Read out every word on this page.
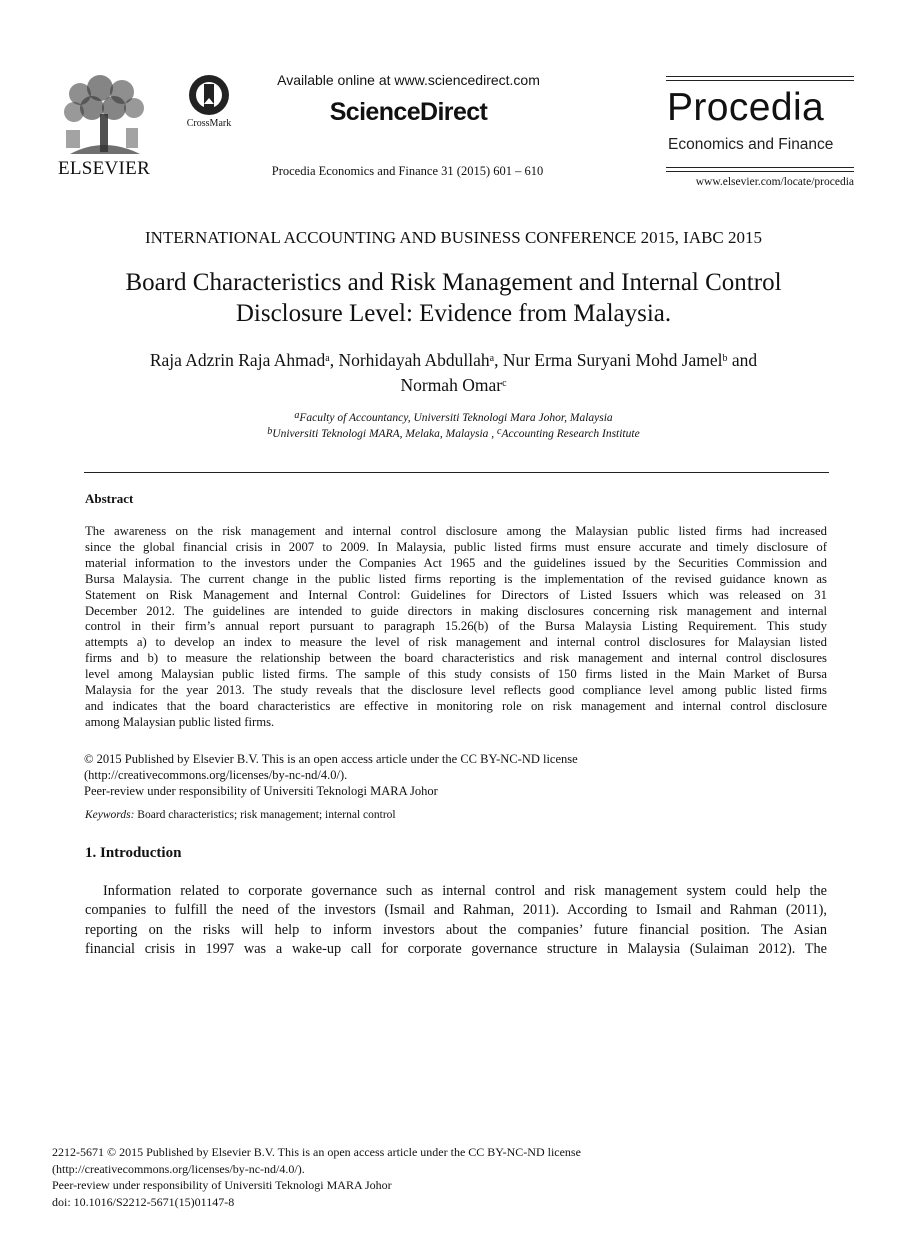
ELSEVIER
CrossMark
Available online at www.sciencedirect.com
ScienceDirect
Procedia Economics and Finance 31 (2015) 601 – 610
Procedia
Economics and Finance
www.elsevier.com/locate/procedia
INTERNATIONAL ACCOUNTING AND BUSINESS CONFERENCE 2015, IABC 2015
Board Characteristics and Risk Management and Internal Control
Disclosure Level: Evidence from Malaysia.
Raja Adzrin Raja Ahmad$^a$, Norhidayah Abdullah$^a$, Nur Erma Suryani Mohd Jamel$^b$ and
Normah Omar$^c$
$^a$Faculty of Accountancy, Universiti Teknologi Mara Johor, Malaysia
$^b$Universiti Teknologi MARA, Melaka, Malaysia , $^c$Accounting Research Institute
Abstract
The awareness on the risk management and internal control disclosure among the Malaysian public listed firms had increased
since the global financial crisis in 2007 to 2009. In Malaysia, public listed firms must ensure accurate and timely disclosure of
material information to the investors under the Companies Act 1965 and the guidelines issued by the Securities Commission and
Bursa Malaysia. The current change in the public listed firms reporting is the implementation of the revised guidance known as
Statement on Risk Management and Internal Control: Guidelines for Directors of Listed Issuers which was released on 31
December 2012. The guidelines are intended to guide directors in making disclosures concerning risk management and internal
control in their firm’s annual report pursuant to paragraph 15.26(b) of the Bursa Malaysia Listing Requirement. This study
attempts a) to develop an index to measure the level of risk management and internal control disclosures for Malaysian listed
firms and b) to measure the relationship between the board characteristics and risk management and internal control disclosures
level among Malaysian public listed firms. The sample of this study consists of 150 firms listed in the Main Market of Bursa
Malaysia for the year 2013. The study reveals that the disclosure level reflects good compliance level among public listed firms
and indicates that the board characteristics are effective in monitoring role on risk management and internal control disclosure
among Malaysian public listed firms.
© 2015 Published by Elsevier B.V. This is an open access article under the CC BY-NC-ND license
(http://creativecommons.org/licenses/by-nc-nd/4.0/).
Peer-review under responsibility of Universiti Teknologi MARA Johor
Keywords: Board characteristics; risk management; internal control
1. Introduction
Information related to corporate governance such as internal control and risk management system could help the
companies to fulfill the need of the investors (Ismail and Rahman, 2011). According to Ismail and Rahman (2011),
reporting on the risks will help to inform investors about the companies’ future financial position. The Asian
financial crisis in 1997 was a wake-up call for corporate governance structure in Malaysia (Sulaiman 2012). The
2212-5671 © 2015 Published by Elsevier B.V. This is an open access article under the CC BY-NC-ND license
(http://creativecommons.org/licenses/by-nc-nd/4.0/).
Peer-review under responsibility of Universiti Teknologi MARA Johor
doi: 10.1016/S2212-5671(15)01147-8
